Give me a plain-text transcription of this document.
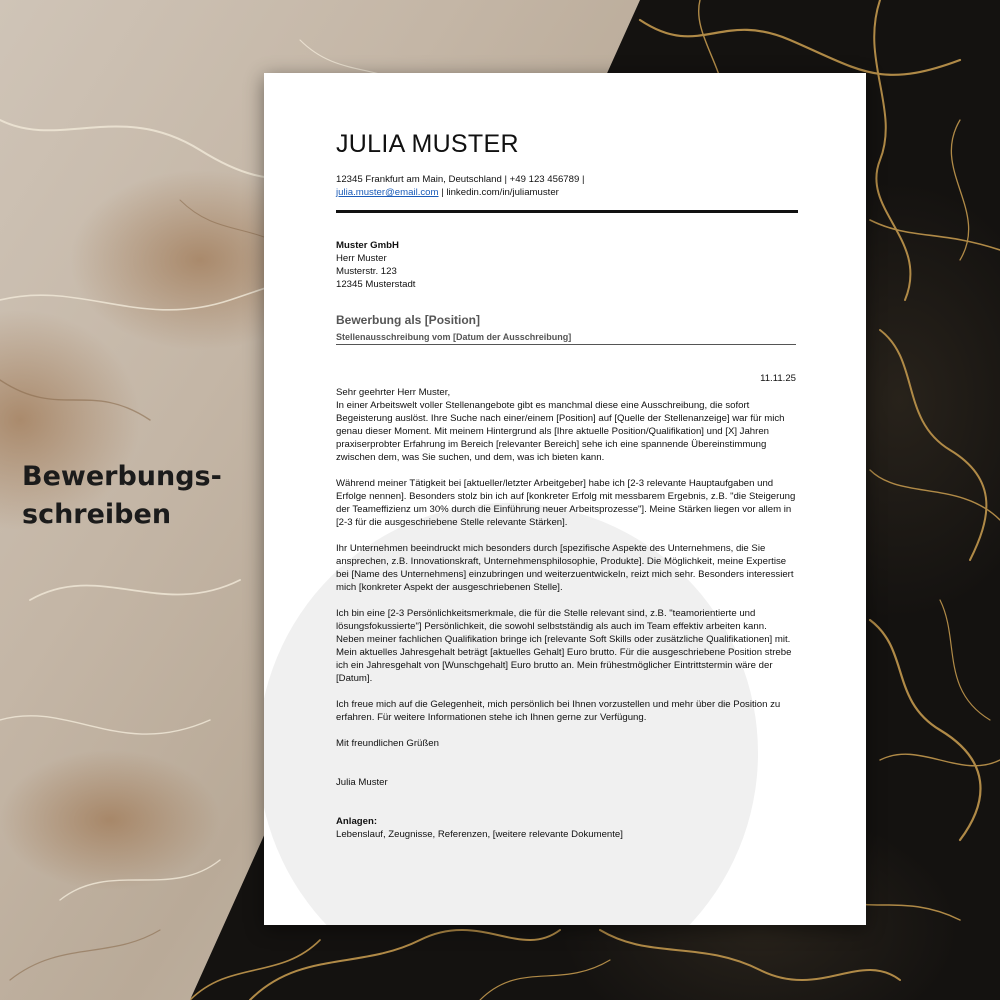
Bewerbungs-
schreiben
JULIA MUSTER
12345 Frankfurt am Main, Deutschland | +49 123 456789 |
julia.muster@email.com | linkedin.com/in/juliamuster
Muster GmbH
Herr Muster
Musterstr. 123
12345 Musterstadt
Bewerbung als [Position]
Stellenausschreibung vom [Datum der Ausschreibung]
11.11.25

Sehr geehrter Herr Muster,

In einer Arbeitswelt voller Stellenangebote gibt es manchmal diese eine Ausschreibung, die sofort Begeisterung auslöst. Ihre Suche nach einer/einem [Position] auf [Quelle der Stellenanzeige] war für mich genau dieser Moment. Mit meinem Hintergrund als [Ihre aktuelle Position/Qualifikation] und [X] Jahren praxiserprobter Erfahrung im Bereich [relevanter Bereich] sehe ich eine spannende Übereinstimmung zwischen dem, was Sie suchen, und dem, was ich bieten kann.

Während meiner Tätigkeit bei [aktueller/letzter Arbeitgeber] habe ich [2-3 relevante Hauptaufgaben und Erfolge nennen]. Besonders stolz bin ich auf [konkreter Erfolg mit messbarem Ergebnis, z.B. "die Steigerung der Teameffizienz um 30% durch die Einführung neuer Arbeitsprozesse"]. Meine Stärken liegen vor allem in [2-3 für die ausgeschriebene Stelle relevante Stärken].

Ihr Unternehmen beeindruckt mich besonders durch [spezifische Aspekte des Unternehmens, die Sie ansprechen, z.B. Innovationskraft, Unternehmensphilosophie, Produkte]. Die Möglichkeit, meine Expertise bei [Name des Unternehmens] einzubringen und weiterzuentwickeln, reizt mich sehr. Besonders interessiert mich [konkreter Aspekt der ausgeschriebenen Stelle].

Ich bin eine [2-3 Persönlichkeitsmerkmale, die für die Stelle relevant sind, z.B. "teamorientierte und lösungsfokussierte"] Persönlichkeit, die sowohl selbstständig als auch im Team effektiv arbeiten kann. Neben meiner fachlichen Qualifikation bringe ich [relevante Soft Skills oder zusätzliche Qualifikationen] mit.

Mein aktuelles Jahresgehalt beträgt [aktuelles Gehalt] Euro brutto. Für die ausgeschriebene Position strebe ich ein Jahresgehalt von [Wunschgehalt] Euro brutto an. Mein frühestmöglicher Eintrittstermin wäre der [Datum].

Ich freue mich auf die Gelegenheit, mich persönlich bei Ihnen vorzustellen und mehr über die Position zu erfahren. Für weitere Informationen stehe ich Ihnen gerne zur Verfügung.

Mit freundlichen Grüßen

Julia Muster

Anlagen:

Lebenslauf, Zeugnisse, Referenzen, [weitere relevante Dokumente]
